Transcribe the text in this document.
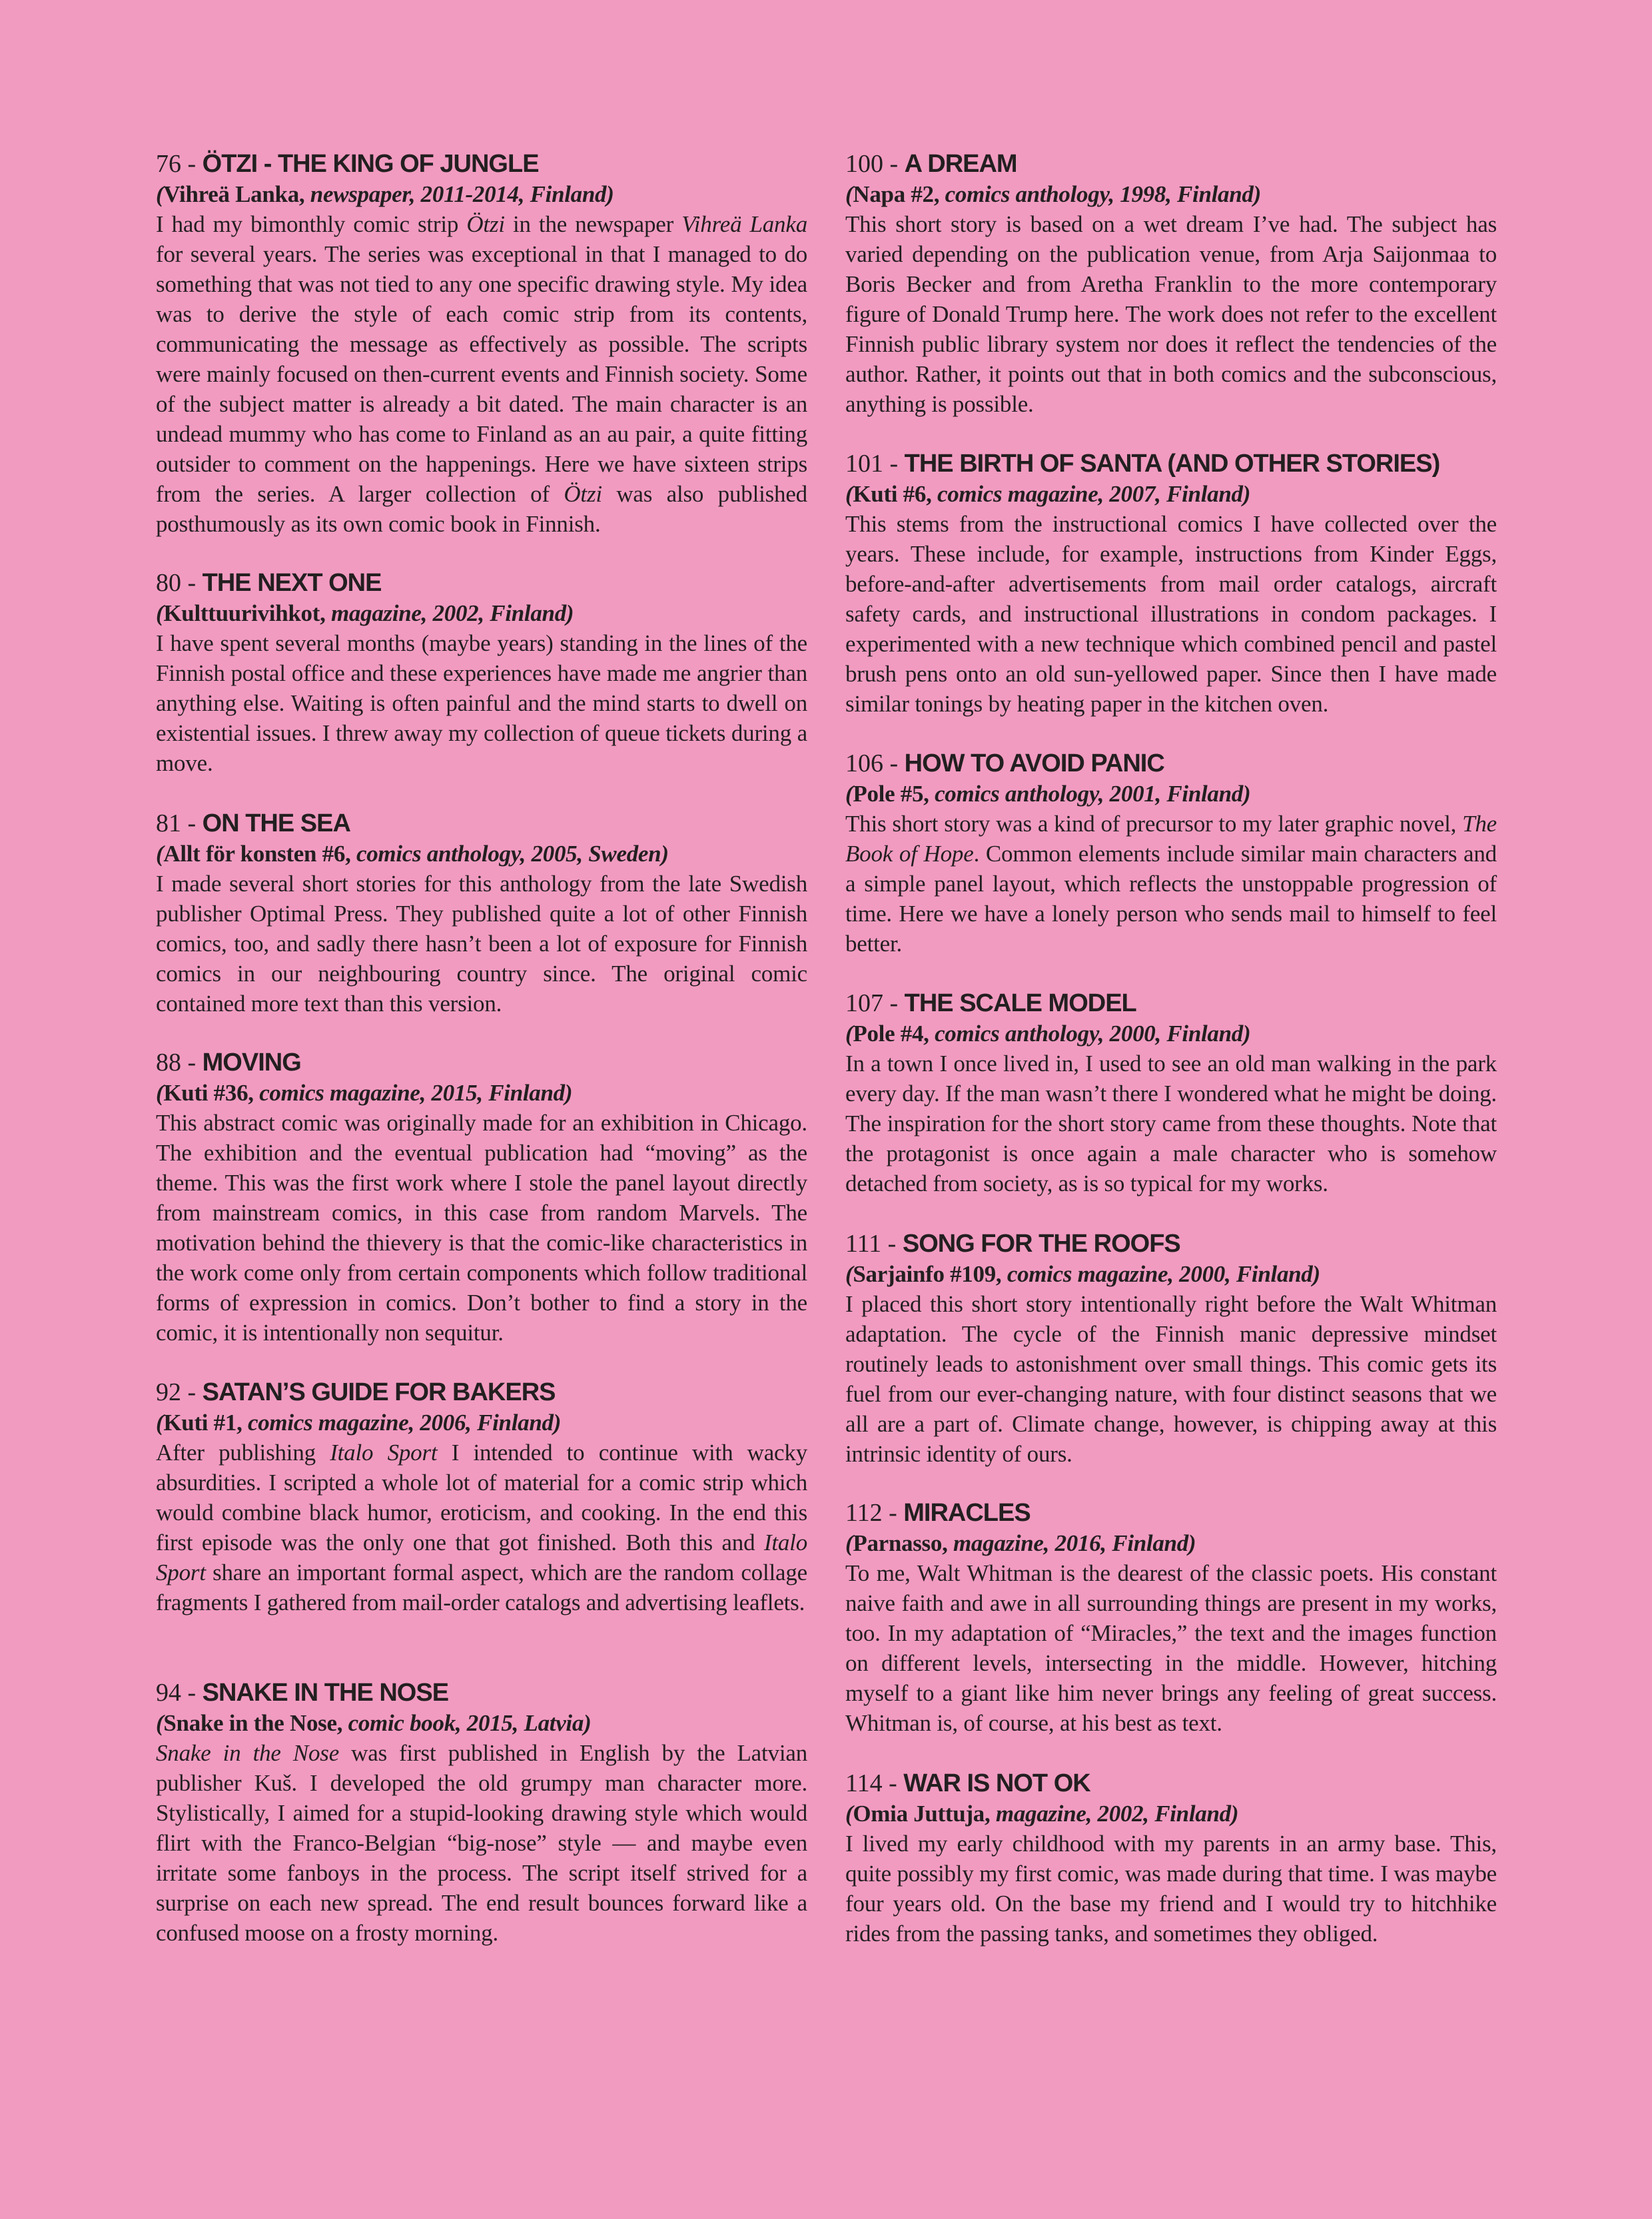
76 - ÖTZI - THE KING OF JUNGLE
(Vihreä Lanka, newspaper, 2011-2014, Finland)
I had my bimonthly comic strip Ötzi in the newspaper Vihreä Lanka for several years. The series was exceptional in that I managed to do something that was not tied to any one specific drawing style. My idea was to derive the style of each comic strip from its contents, communicating the message as effectively as possible. The scripts were mainly focused on then-current events and Finnish society. Some of the subject matter is already a bit dated. The main character is an undead mummy who has come to Finland as an au pair, a quite fitting outsider to comment on the happenings. Here we have sixteen strips from the series. A larger collection of Ötzi was also published posthumously as its own comic book in Finnish.
80 - THE NEXT ONE
(Kulttuurivihkot, magazine, 2002, Finland)
I have spent several months (maybe years) standing in the lines of the Finnish postal office and these experiences have made me angrier than anything else. Waiting is often painful and the mind starts to dwell on existential issues. I threw away my collection of queue tickets during a move.
81 - ON THE SEA
(Allt för konsten #6, comics anthology, 2005, Sweden)
I made several short stories for this anthology from the late Swedish publisher Optimal Press. They published quite a lot of other Finnish comics, too, and sadly there hasn’t been a lot of exposure for Finnish comics in our neighbouring country since. The original comic contained more text than this version.
88 - MOVING
(Kuti #36, comics magazine, 2015, Finland)
This abstract comic was originally made for an exhibition in Chicago. The exhibition and the eventual publication had “moving” as the theme. This was the first work where I stole the panel layout directly from mainstream comics, in this case from random Marvels. The motivation behind the thievery is that the comic-like characteristics in the work come only from certain components which follow traditional forms of expression in comics. Don’t bother to find a story in the comic, it is intentionally non sequitur.
92 - SATAN’S GUIDE FOR BAKERS
(Kuti #1, comics magazine, 2006, Finland)
After publishing Italo Sport I intended to continue with wacky absurdities. I scripted a whole lot of material for a comic strip which would combine black humor, eroticism, and cooking. In the end this first episode was the only one that got finished. Both this and Italo Sport share an important formal aspect, which are the random collage fragments I gathered from mail-order catalogs and advertising leaflets.
94 - SNAKE IN THE NOSE
(Snake in the Nose, comic book, 2015, Latvia)
Snake in the Nose was first published in English by the Latvian publisher Kuš. I developed the old grumpy man character more. Stylistically, I aimed for a stupid-looking drawing style which would flirt with the Franco-Belgian “big-nose” style — and maybe even irritate some fanboys in the process. The script itself strived for a surprise on each new spread. The end result bounces forward like a confused moose on a frosty morning.
100 - A DREAM
(Napa #2, comics anthology, 1998, Finland)
This short story is based on a wet dream I’ve had. The subject has varied depending on the publication venue, from Arja Saijonmaa to Boris Becker and from Aretha Franklin to the more contemporary figure of Donald Trump here. The work does not refer to the excellent Finnish public library system nor does it reflect the tendencies of the author. Rather, it points out that in both comics and the subconscious, anything is possible.
101 - THE BIRTH OF SANTA (AND OTHER STORIES)
(Kuti #6, comics magazine, 2007, Finland)
This stems from the instructional comics I have collected over the years. These include, for example, instructions from Kinder Eggs, before-and-after advertisements from mail order catalogs, aircraft safety cards, and instructional illustrations in condom packages. I experimented with a new technique which combined pencil and pastel brush pens onto an old sun-yellowed paper. Since then I have made similar tonings by heating paper in the kitchen oven.
106 - HOW TO AVOID PANIC
(Pole #5, comics anthology, 2001, Finland)
This short story was a kind of precursor to my later graphic novel, The Book of Hope. Common elements include similar main characters and a simple panel layout, which reflects the unstoppable progression of time. Here we have a lonely person who sends mail to himself to feel better.
107 - THE SCALE MODEL
(Pole #4, comics anthology, 2000, Finland)
In a town I once lived in, I used to see an old man walking in the park every day. If the man wasn’t there I wondered what he might be doing. The inspiration for the short story came from these thoughts. Note that the protagonist is once again a male character who is somehow detached from society, as is so typical for my works.
111 - SONG FOR THE ROOFS
(Sarjainfo #109, comics magazine, 2000, Finland)
I placed this short story intentionally right before the Walt Whitman adaptation. The cycle of the Finnish manic depressive mindset routinely leads to astonishment over small things. This comic gets its fuel from our ever-changing nature, with four distinct seasons that we all are a part of. Climate change, however, is chipping away at this intrinsic identity of ours.
112 - MIRACLES
(Parnasso, magazine, 2016, Finland)
To me, Walt Whitman is the dearest of the classic poets. His constant naive faith and awe in all surrounding things are present in my works, too. In my adaptation of “Miracles,” the text and the images function on different levels, intersecting in the middle. However, hitching myself to a giant like him never brings any feeling of great success. Whitman is, of course, at his best as text.
114 - WAR IS NOT OK
(Omia Juttuja, magazine, 2002, Finland)
I lived my early childhood with my parents in an army base. This, quite possibly my first comic, was made during that time. I was maybe four years old. On the base my friend and I would try to hitchhike rides from the passing tanks, and sometimes they obliged.
